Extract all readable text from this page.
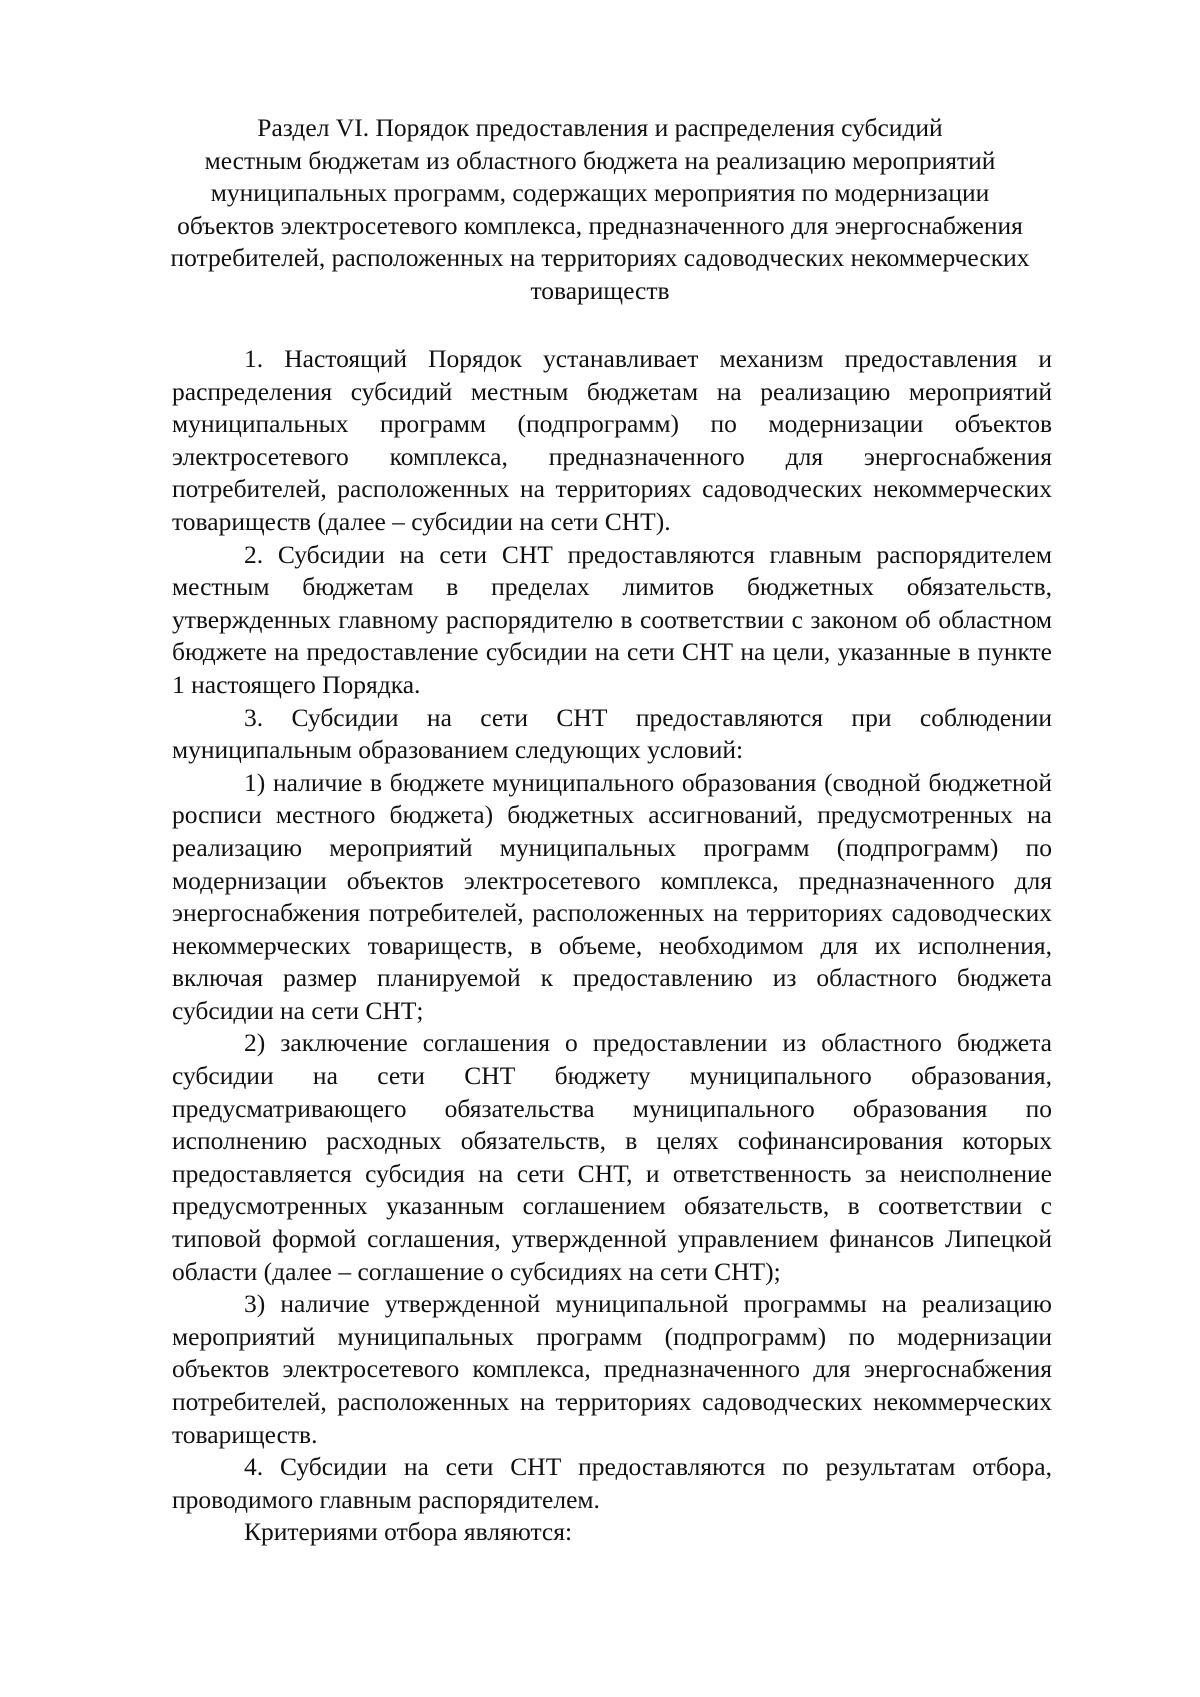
Раздел VI. Порядок предоставления и распределения субсидий
местным бюджетам из областного бюджета на реализацию мероприятий
муниципальных программ, содержащих мероприятия по модернизации
объектов электросетевого комплекса, предназначенного для энергоснабжения
потребителей, расположенных на территориях садоводческих некоммерческих
товариществ

1. Настоящий Порядок устанавливает механизм предоставления и распределения субсидий местным бюджетам на реализацию мероприятий муниципальных программ (подпрограмм) по модернизации объектов электросетевого комплекса, предназначенного для энергоснабжения потребителей, расположенных на территориях садоводческих некоммерческих товариществ (далее – субсидии на сети СНТ).

2. Субсидии на сети СНТ предоставляются главным распорядителем местным бюджетам в пределах лимитов бюджетных обязательств, утвержденных главному распорядителю в соответствии с законом об областном бюджете на предоставление субсидии на сети СНТ на цели, указанные в пункте 1 настоящего Порядка.

3. Субсидии на сети СНТ предоставляются при соблюдении муниципальным образованием следующих условий:

1) наличие в бюджете муниципального образования (сводной бюджетной росписи местного бюджета) бюджетных ассигнований, предусмотренных на реализацию мероприятий муниципальных программ (подпрограмм) по модернизации объектов электросетевого комплекса, предназначенного для энергоснабжения потребителей, расположенных на территориях садоводческих некоммерческих товариществ, в объеме, необходимом для их исполнения, включая размер планируемой к предоставлению из областного бюджета субсидии на сети СНТ;

2) заключение соглашения о предоставлении из областного бюджета субсидии на сети СНТ бюджету муниципального образования, предусматривающего обязательства муниципального образования по исполнению расходных обязательств, в целях софинансирования которых предоставляется субсидия на сети СНТ, и ответственность за неисполнение предусмотренных указанным соглашением обязательств, в соответствии с типовой формой соглашения, утвержденной управлением финансов Липецкой области (далее – соглашение о субсидиях на сети СНТ);

3) наличие утвержденной муниципальной программы на реализацию мероприятий муниципальных программ (подпрограмм) по модернизации объектов электросетевого комплекса, предназначенного для энергоснабжения потребителей, расположенных на территориях садоводческих некоммерческих товариществ.

4. Субсидии на сети СНТ предоставляются по результатам отбора, проводимого главным распорядителем.

Критериями отбора являются:
